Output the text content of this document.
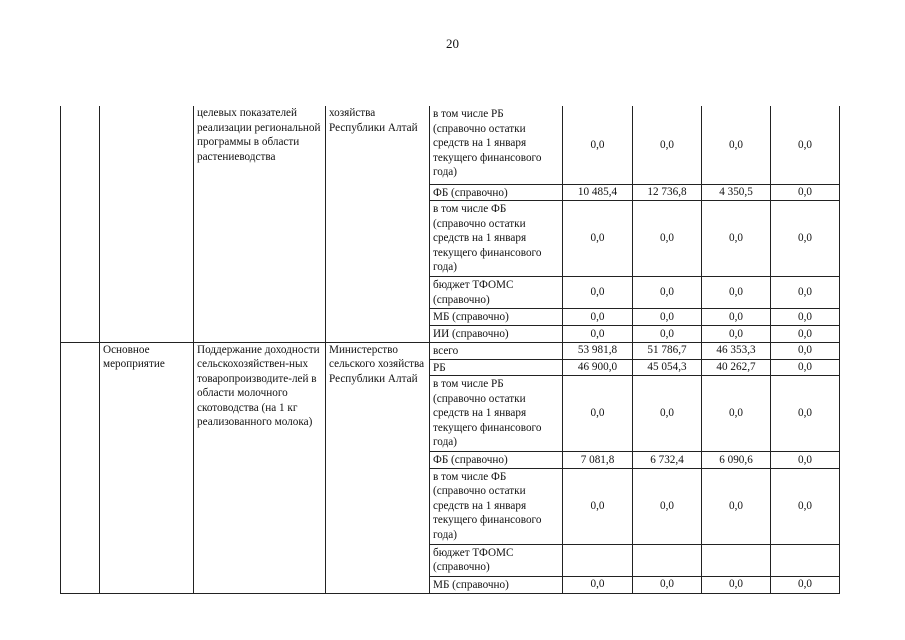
20
		целевых показателей реализации региональной программы в области растениеводства	хозяйства Республики Алтай	в том числе РБ (справочно остатки средств на 1 января текущего финансового года)	0,0	0,0	0,0	0,0
				ФБ (справочно)	10 485,4	12 736,8	4 350,5	0,0
				в том числе ФБ (справочно остатки средств на 1 января текущего финансового года)	0,0	0,0	0,0	0,0
				бюджет ТФОМС (справочно)	0,0	0,0	0,0	0,0
				МБ (справочно)	0,0	0,0	0,0	0,0
				ИИ (справочно)	0,0	0,0	0,0	0,0
	Основное мероприятие	Поддержание доходности сельскохозяйствен-ных товаропроизводите-лей в области молочного скотоводства (на 1 кг реализованного молока)	Министерство сельского хозяйства Республики Алтай	всего	53 981,8	51 786,7	46 353,3	0,0
				РБ	46 900,0	45 054,3	40 262,7	0,0
				в том числе РБ (справочно остатки средств на 1 января текущего финансового года)	0,0	0,0	0,0	0,0
				ФБ (справочно)	7 081,8	6 732,4	6 090,6	0,0
				в том числе ФБ (справочно остатки средств на 1 января текущего финансового года)	0,0	0,0	0,0	0,0
				бюджет ТФОМС (справочно)				
				МБ (справочно)	0,0	0,0	0,0	0,0
